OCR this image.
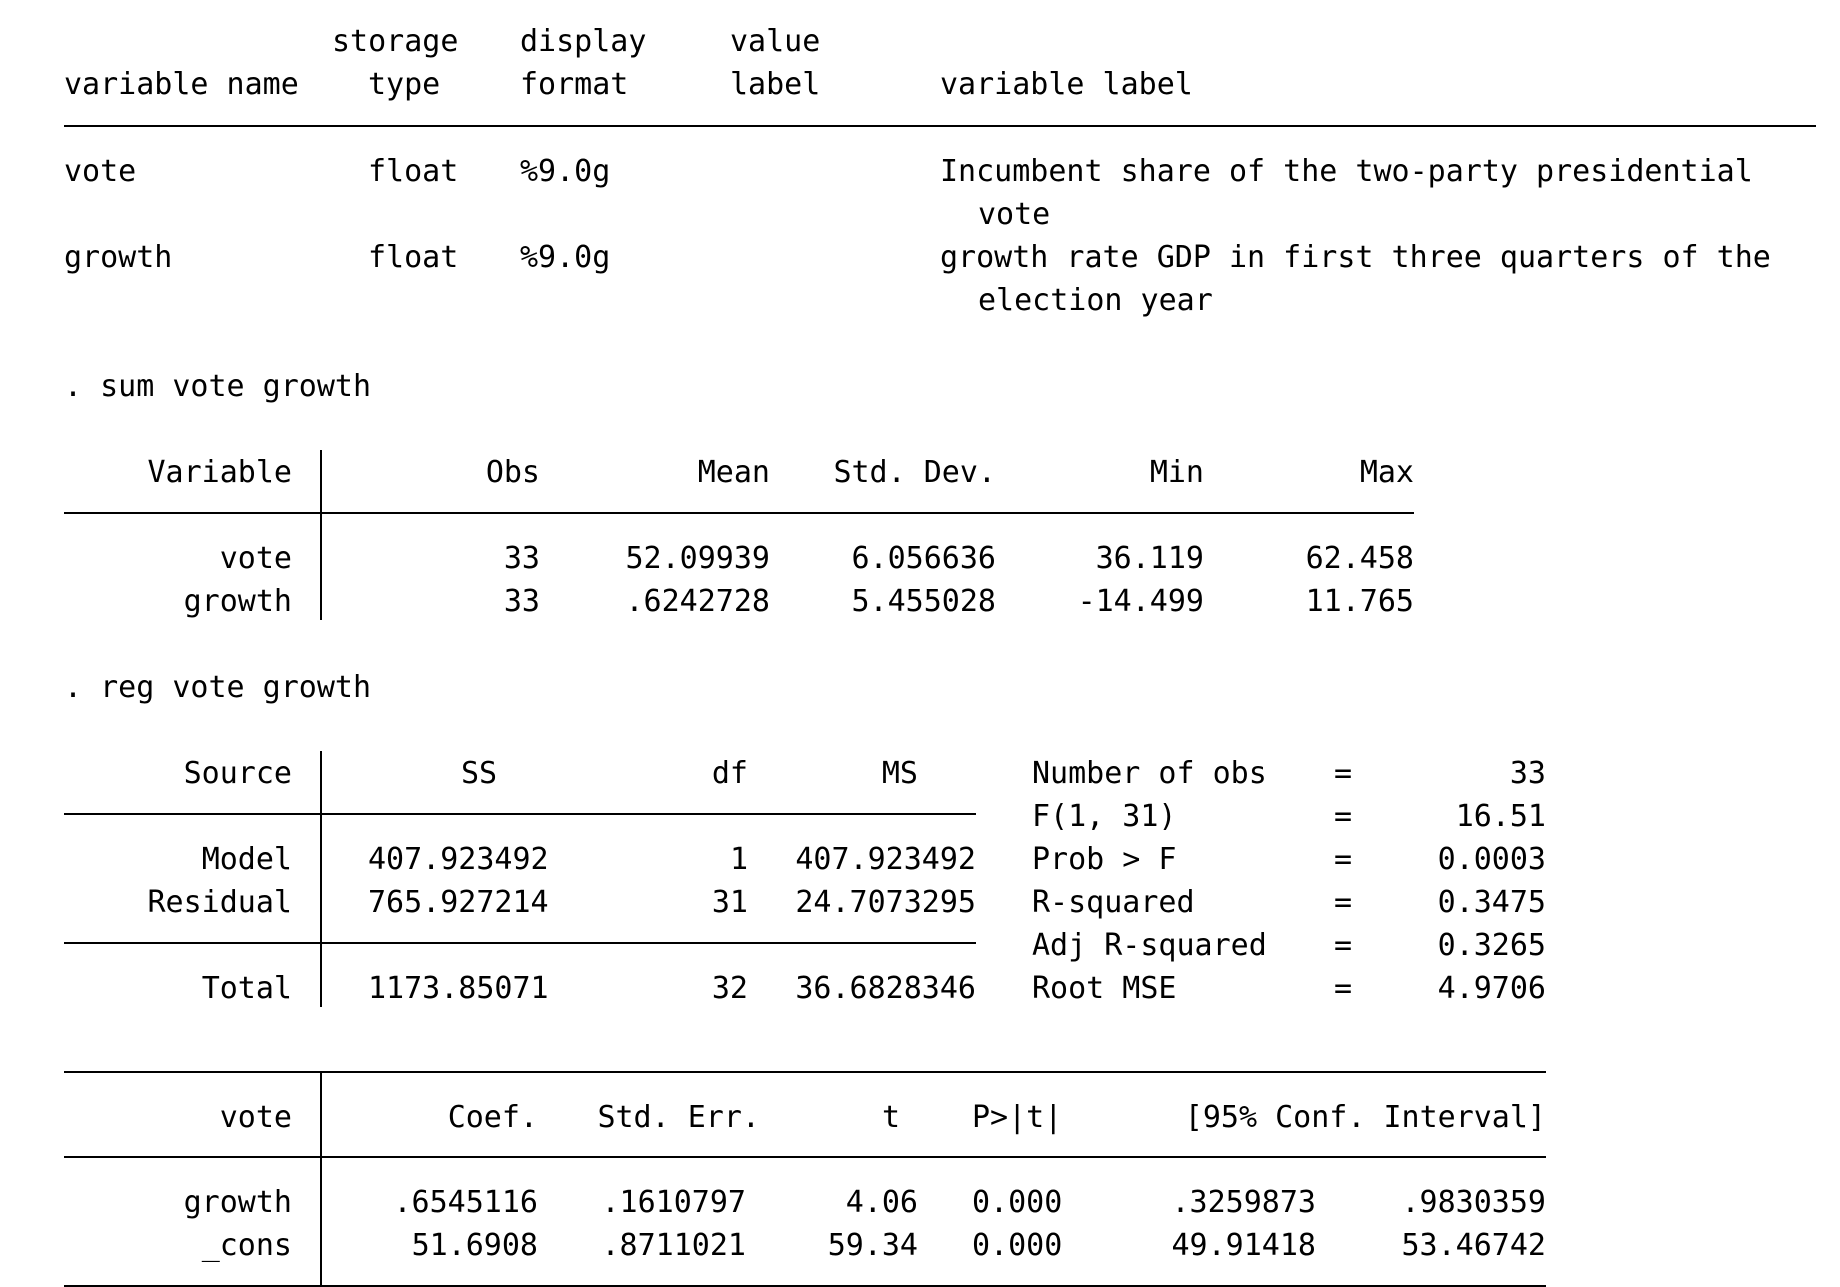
storage display	value
variable name type	format	label	variable label
vote	float %9.0g	Incumbent share of the two-party presidential
vote
growth	float %9.0g	growth rate GDP in first three quarters of the
election year
. sum vote growth
Variable	Obs	Mean	Std. Dev.	Min	Max
vote	33	52.09939	6.056636	36.119	62.458
growth	33	.6242728	5.455028	-14.499	11.765
. reg vote growth
Source	SS	df	MS
Model	407.923492	1	407.923492
Residual	765.927214	31	24.7073295
Total	1173.85071	32	36.6828346
Number of obs =	33
F(1, 31)	=	16.51
Prob > F	=	0.0003
R-squared	=	0.3475
Adj R-squared =	0.3265
Root MSE	=	4.9706
vote	Coef.	Std. Err.	t P>|t|	[95% Conf. Interval]
growth	.6545116	.1610797	4.06 0.000	.3259873	.9830359
_cons	51.6908	.8711021	59.34 0.000	49.91418	53.46742
